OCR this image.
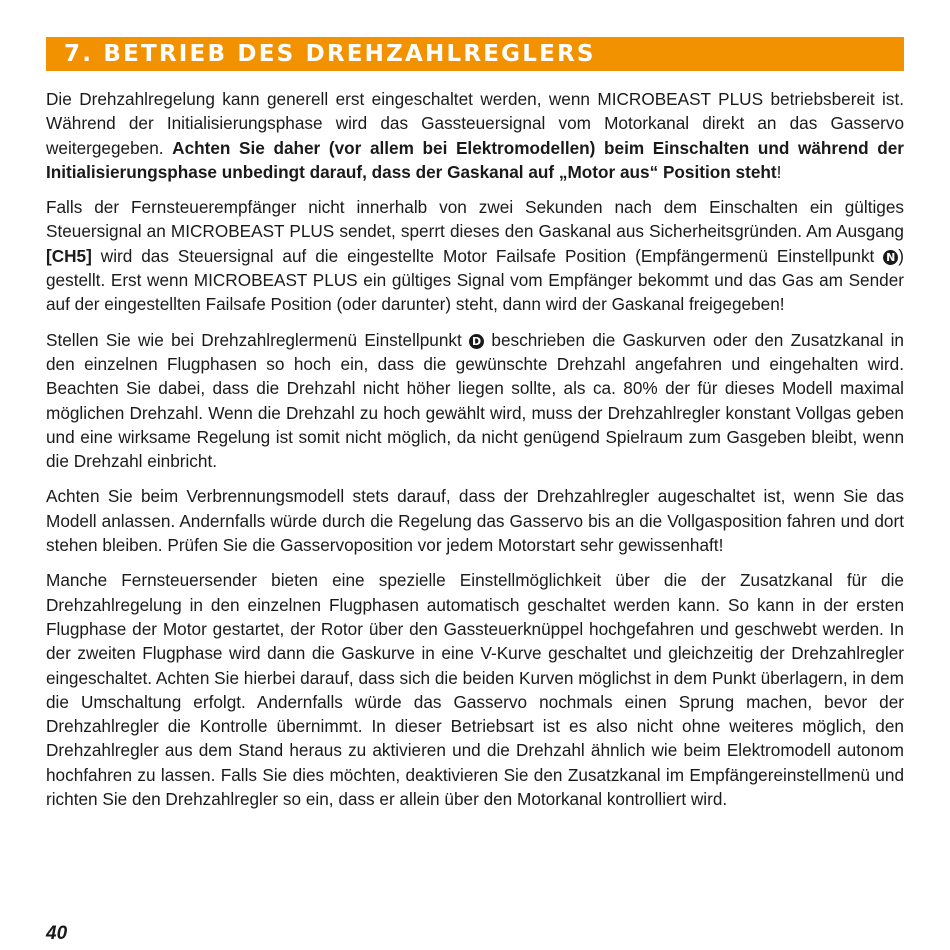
7. BETRIEB DES DREHZAHLREGLERS

Die Drehzahlregelung kann generell erst eingeschaltet werden, wenn MICROBEAST PLUS betriebsbereit ist. Während der Initialisierungsphase wird das Gassteuersignal vom Motorkanal direkt an das Gasservo weitergegeben. Achten Sie daher (vor allem bei Elektromodellen) beim Einschalten und während der Initialisierungsphase unbedingt darauf, dass der Gaskanal auf „Motor aus“ Position steht!

Falls der Fernsteuerempfänger nicht innerhalb von zwei Sekunden nach dem Einschalten ein gültiges Steuersignal an MICROBEAST PLUS sendet, sperrt dieses den Gaskanal aus Sicherheitsgründen. Am Ausgang [CH5] wird das Steuersignal auf die eingestellte Motor Failsafe Position (Empfängermenü Einstellpunkt N ) gestellt. Erst wenn MICROBEAST PLUS ein gültiges Signal vom Empfänger bekommt und das Gas am Sender auf der eingestellten Failsafe Position (oder darunter) steht, dann wird der Gaskanal freigegeben!

Stellen Sie wie bei Drehzahlreglermenü Einstellpunkt D beschrieben die Gaskurven oder den Zusatzkanal in den einzelnen Flugphasen so hoch ein, dass die gewünschte Drehzahl angefahren und eingehalten wird. Beachten Sie dabei, dass die Drehzahl nicht höher liegen sollte, als ca. 80% der für dieses Modell maximal möglichen Drehzahl. Wenn die Drehzahl zu hoch gewählt wird, muss der Drehzahlregler konstant Vollgas geben und eine wirksame Regelung ist somit nicht möglich, da nicht genügend Spielraum zum Gasgeben bleibt, wenn die Drehzahl einbricht.

Achten Sie beim Verbrennungsmodell stets darauf, dass der Drehzahlregler augeschaltet ist, wenn Sie das Modell anlassen. Andernfalls würde durch die Regelung das Gasservo bis an die Vollgasposition fahren und dort stehen bleiben. Prüfen Sie die Gasservoposition vor jedem Motorstart sehr gewissenhaft!

Manche Fernsteuersender bieten eine spezielle Einstellmöglichkeit über die der Zusatzkanal für die Drehzahlregelung in den einzelnen Flugphasen automatisch geschaltet werden kann. So kann in der ersten Flugphase der Motor gestartet, der Rotor über den Gassteuerknüppel hochgefahren und geschwebt werden. In der zweiten Flugphase wird dann die Gaskurve in eine V-Kurve geschaltet und gleichzeitig der Drehzahlregler eingeschaltet. Achten Sie hierbei darauf, dass sich die beiden Kurven möglichst in dem Punkt überlagern, in dem die Umschaltung erfolgt. Andernfalls würde das Gasservo nochmals einen Sprung machen, bevor der Drehzahlregler die Kontrolle übernimmt. In dieser Betriebsart ist es also nicht ohne weiteres möglich, den Drehzahlregler aus dem Stand heraus zu aktivieren und die Drehzahl ähnlich wie beim Elektromodell autonom hochfahren zu lassen. Falls Sie dies möchten, deaktivieren Sie den Zusatzkanal im Empfängereinstellmenü und richten Sie den Drehzahlregler so ein, dass er allein über den Motorkanal kontrolliert wird.

40
